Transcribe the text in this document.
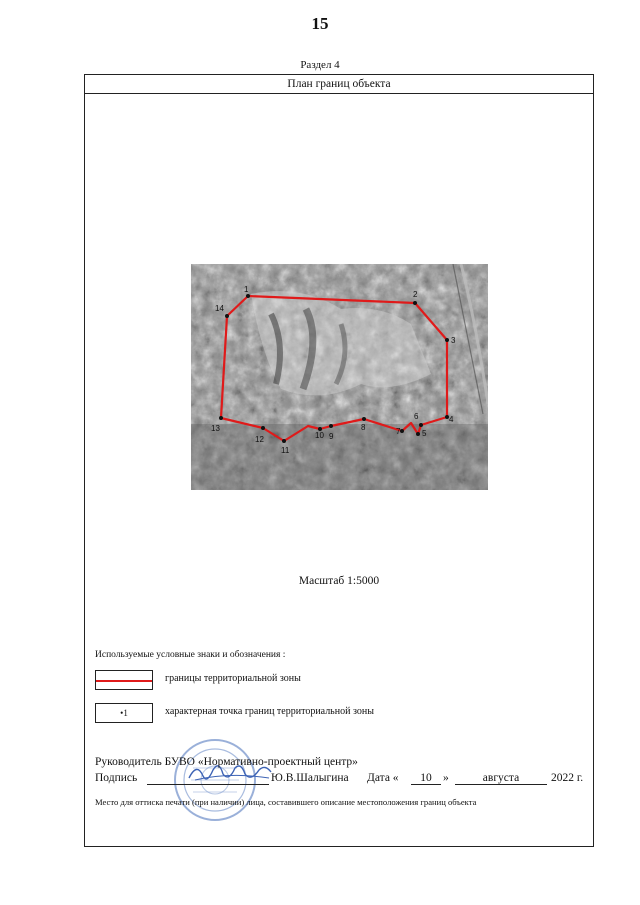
15
Раздел 4
План границ объекта
1
2
3
4
5
6
7
8
9
10
11
12
13
14
Масштаб 1:5000
Используемые условные знаки и обозначения :
границы территориальной зоны
•1	характерная точка границ территориальной зоны
Руководитель БУВО «Нормативно-проектный центр»
Подпись	Ю.В.Шалыгина Дата «	10 »	августа	2022 г.
Место для оттиска печати (при наличии) лица, составившего описание местоположения границ объекта
